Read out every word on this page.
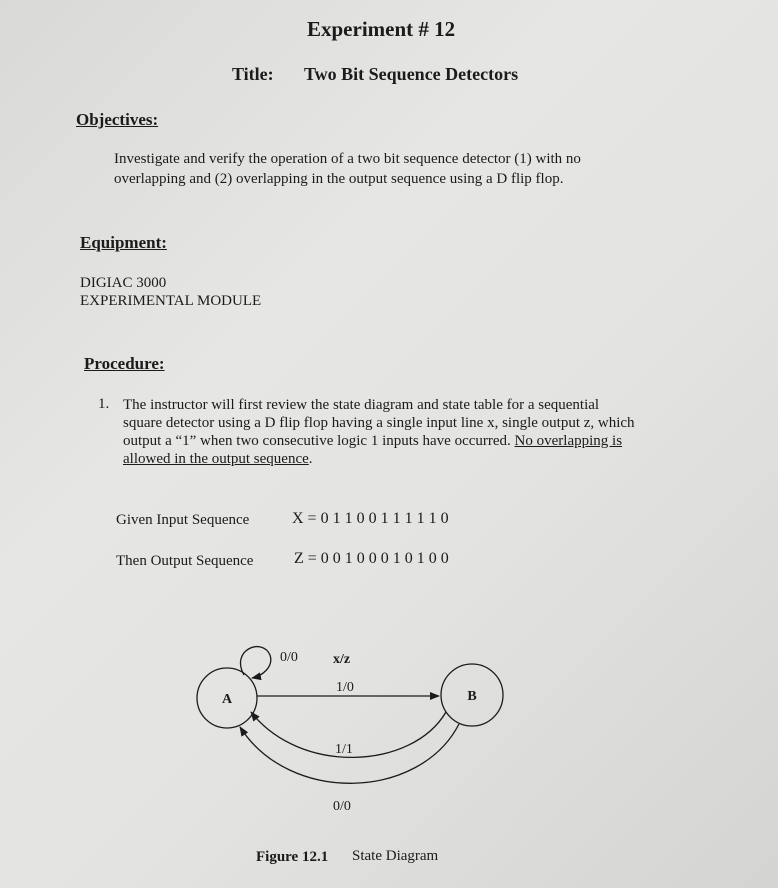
Experiment # 12
Title: Two Bit Sequence Detectors
Objectives:
Investigate and verify the operation of a two bit sequence detector (1) with no
overlapping and (2) overlapping in the output sequence using a D flip flop.
Equipment:
DIGIAC 3000
EXPERIMENTAL MODULE
Procedure:
1. The instructor will first review the state diagram and state table for a sequential
square detector using a D flip flop having a single input line x, single output z, which
output a “1” when two consecutive logic 1 inputs have occurred. No overlapping is
allowed in the output sequence.
Given Input Sequence	X = 0 1 1 0 0 1 1 1 1 1 0
Then Output Sequence	Z = 0 0 1 0 0 0 1 0 1 0 0
A	B
0/0	x/z
1/0
1/1
0/0
Figure 12.1 State Diagram
